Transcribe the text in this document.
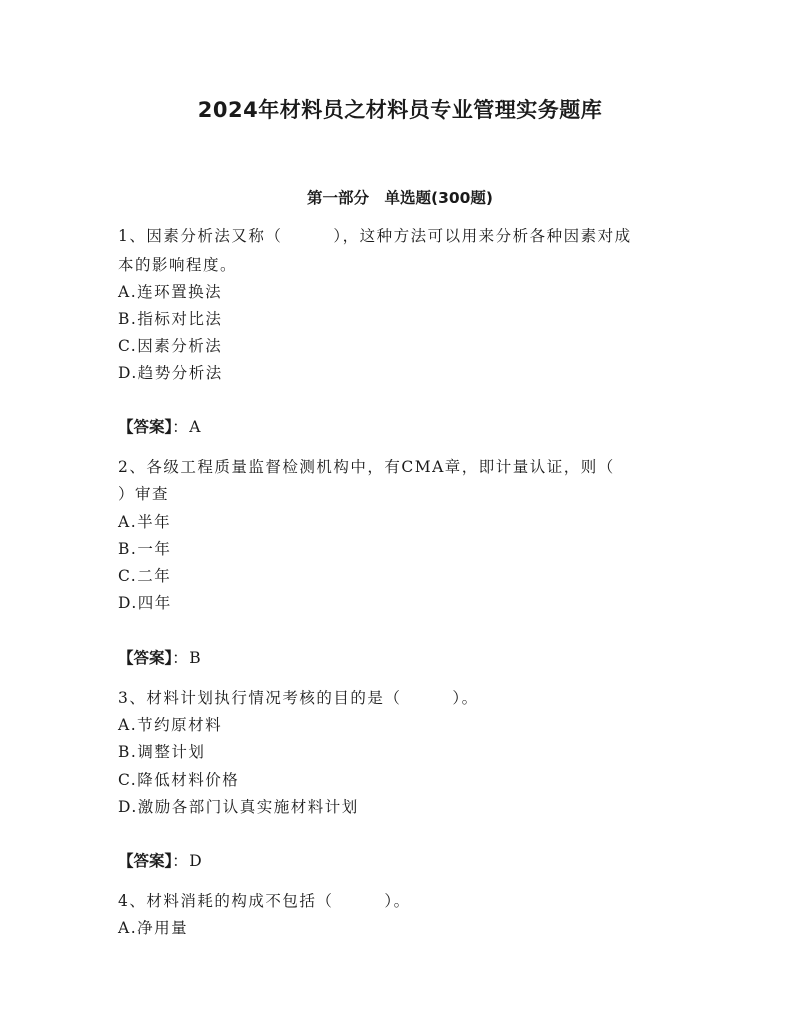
2024年材料员之材料员专业管理实务题库
第一部分　单选题(300题)
1、因素分析法又称（　　　），这种方法可以用来分析各种因素对成
本的影响程度。
A.连环置换法
B.指标对比法
C.因素分析法
D.趋势分析法
【答案】：A
2、各级工程质量监督检测机构中，有CMA章，即计量认证，则（
）审查
A.半年
B.一年
C.二年
D.四年
【答案】：B
3、材料计划执行情况考核的目的是（　　　）。
A.节约原材料
B.调整计划
C.降低材料价格
D.激励各部门认真实施材料计划
【答案】：D
4、材料消耗的构成不包括（　　　）。
A.净用量
